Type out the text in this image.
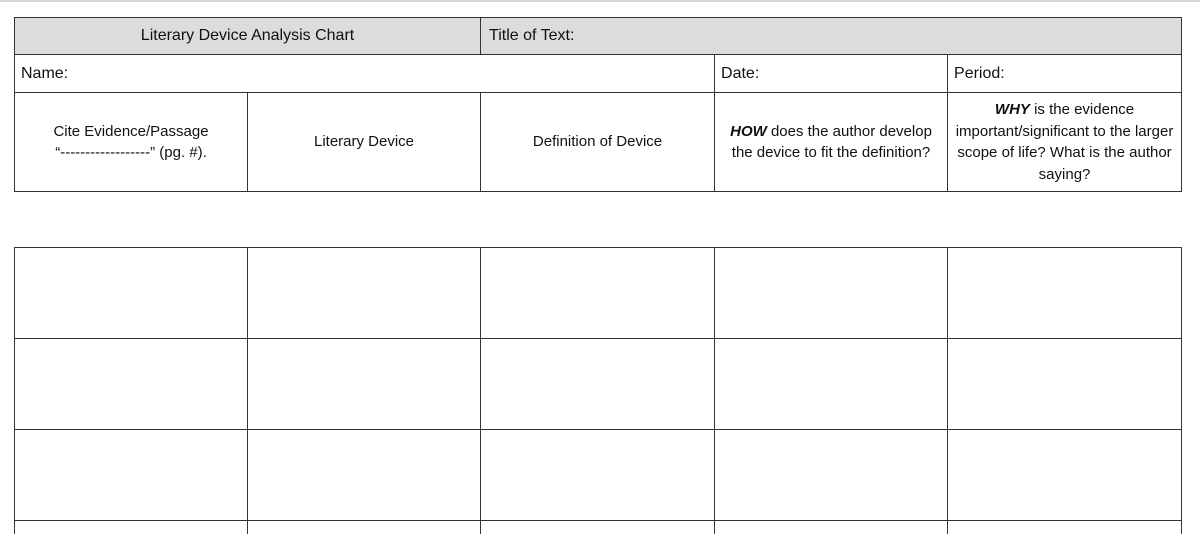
Literary Device Analysis Chart		Title of Text:		
Name:			Date:	Period:
Cite Evidence/Passage
“------------------” (pg. #).	Literary Device	Definition of Device	HOW does the author develop the device to fit the definition?	WHY is the evidence important/significant to the larger scope of life? What is the author saying?
